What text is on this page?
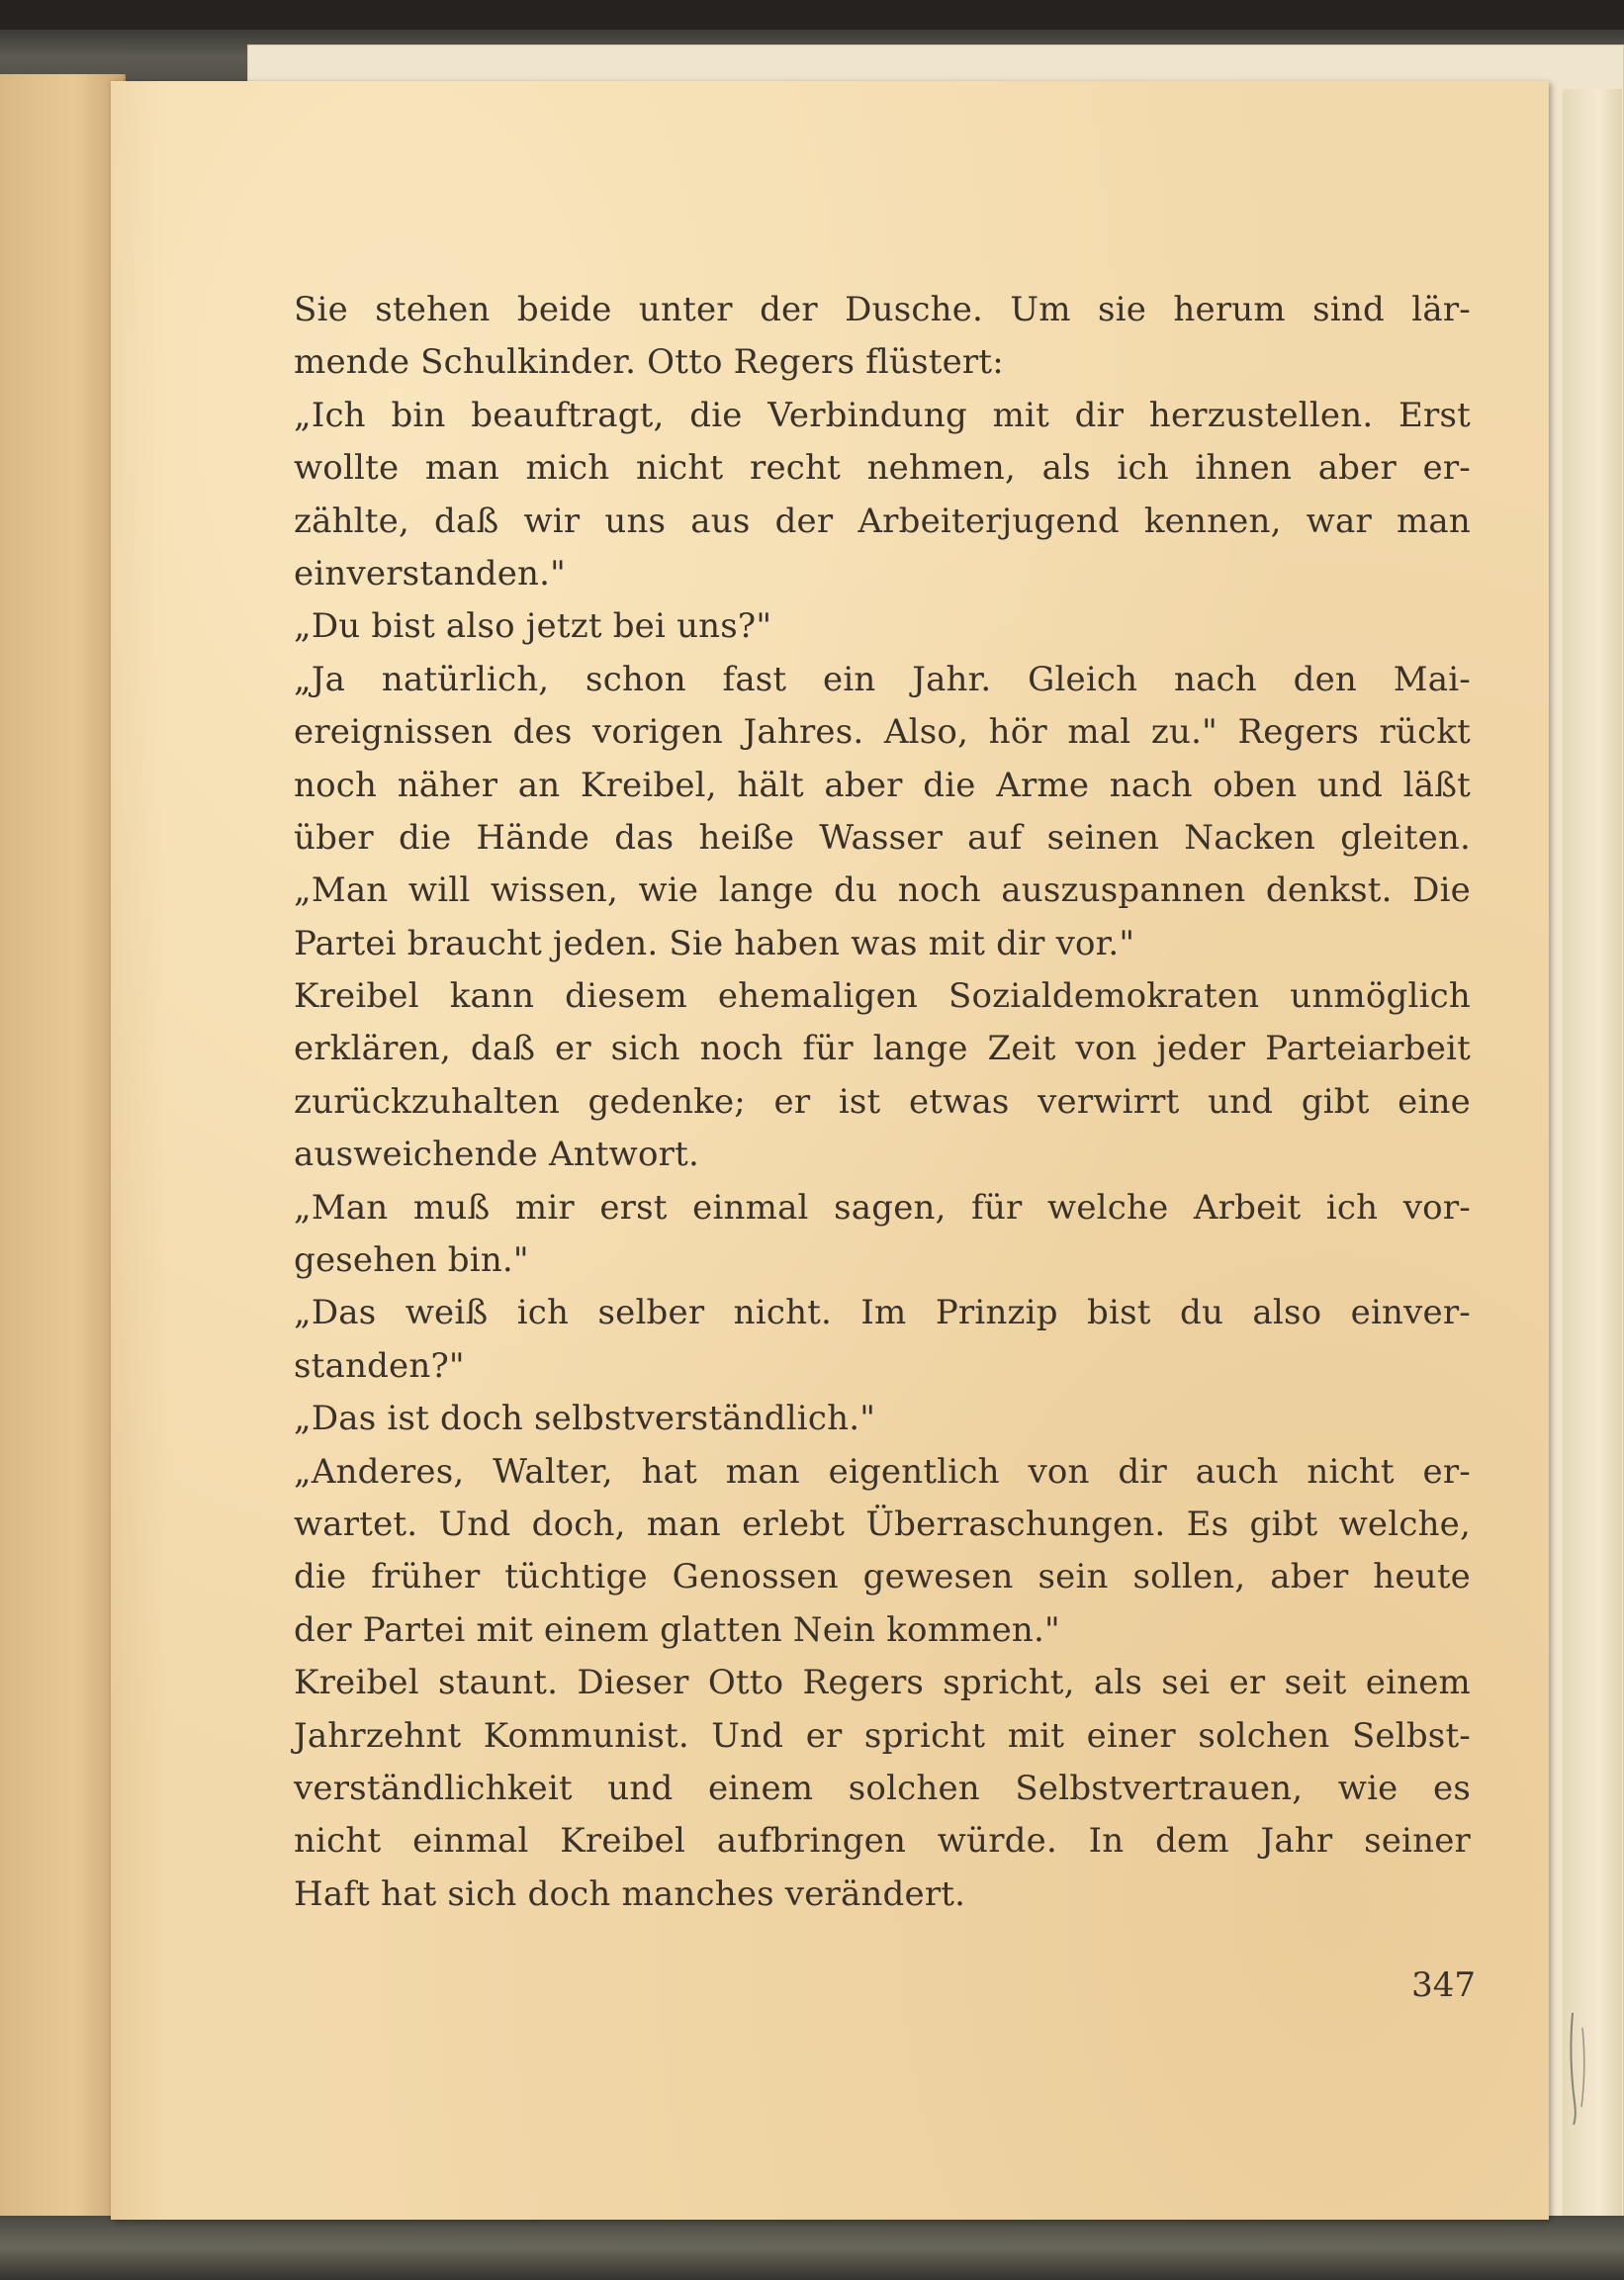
Sie stehen beide unter der Dusche. Um sie herum sind lär-
mende Schulkinder. Otto Regers flüstert:
„Ich bin beauftragt, die Verbindung mit dir herzustellen. Erst
wollte man mich nicht recht nehmen, als ich ihnen aber er-
zählte, daß wir uns aus der Arbeiterjugend kennen, war man
einverstanden."
„Du bist also jetzt bei uns?"
„Ja natürlich, schon fast ein Jahr. Gleich nach den Mai-
ereignissen des vorigen Jahres. Also, hör mal zu." Regers rückt
noch näher an Kreibel, hält aber die Arme nach oben und läßt
über die Hände das heiße Wasser auf seinen Nacken gleiten.
„Man will wissen, wie lange du noch auszuspannen denkst. Die
Partei braucht jeden. Sie haben was mit dir vor."
Kreibel kann diesem ehemaligen Sozialdemokraten unmöglich
erklären, daß er sich noch für lange Zeit von jeder Parteiarbeit
zurückzuhalten gedenke; er ist etwas verwirrt und gibt eine
ausweichende Antwort.
„Man muß mir erst einmal sagen, für welche Arbeit ich vor-
gesehen bin."
„Das weiß ich selber nicht. Im Prinzip bist du also einver-
standen?"
„Das ist doch selbstverständlich."
„Anderes, Walter, hat man eigentlich von dir auch nicht er-
wartet. Und doch, man erlebt Überraschungen. Es gibt welche,
die früher tüchtige Genossen gewesen sein sollen, aber heute
der Partei mit einem glatten Nein kommen."
Kreibel staunt. Dieser Otto Regers spricht, als sei er seit einem
Jahrzehnt Kommunist. Und er spricht mit einer solchen Selbst-
verständlichkeit und einem solchen Selbstvertrauen, wie es
nicht einmal Kreibel aufbringen würde. In dem Jahr seiner
Haft hat sich doch manches verändert.
347
